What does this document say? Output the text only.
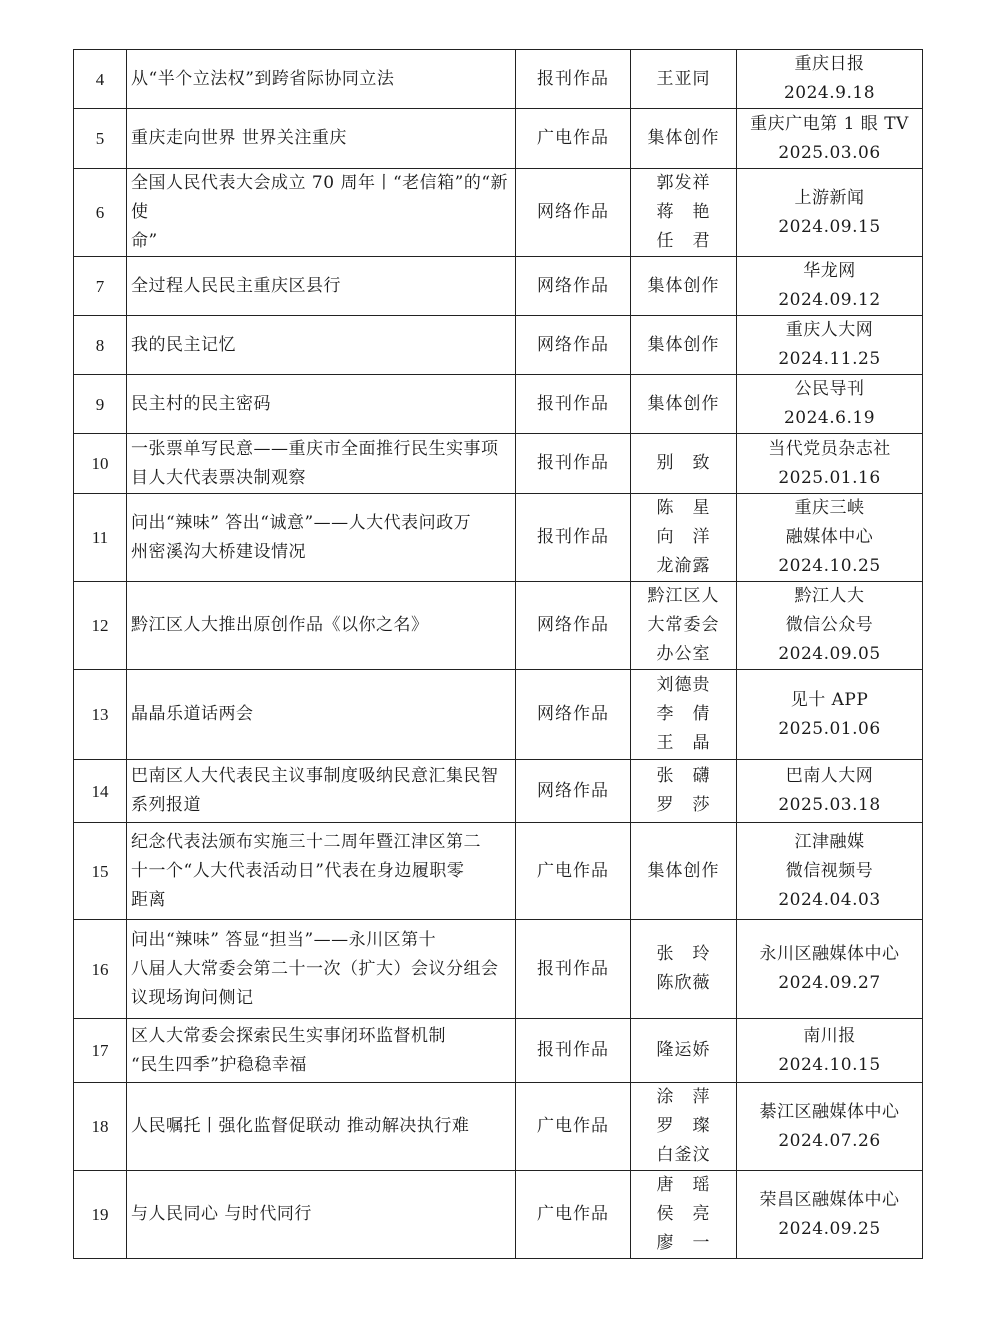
4	从“半个立法权”到跨省际协同立法	报刊作品	王亚同	重庆日报
2024.9.18

5	重庆走向世界 世界关注重庆	广电作品	集体创作	重庆广电第 1 眼 TV
2025.03.06

6	全国人民代表大会成立 70 周年丨“老信箱”的“新使
命”	网络作品	郭发祥
蒋　艳
任　君	上游新闻
2024.09.15

7	全过程人民民主重庆区县行	网络作品	集体创作	华龙网
2024.09.12

8	我的民主记忆	网络作品	集体创作	重庆人大网
2024.11.25

9	民主村的民主密码	报刊作品	集体创作	公民导刊
2024.6.19

10	一张票单写民意——重庆市全面推行民生实事项
目人大代表票决制观察	报刊作品	别　致	当代党员杂志社
2025.01.16

11	问出“辣味” 答出“诚意”——人大代表问政万
州密溪沟大桥建设情况	报刊作品	陈　星
向　洋
龙渝露	重庆三峡
融媒体中心
2024.10.25

12	黔江区人大推出原创作品《以你之名》	网络作品	黔江区人
大常委会
办公室	黔江人大
微信公众号
2024.09.05

13	晶晶乐道话两会	网络作品	刘德贵
李　倩
王　晶	见十 APP
2025.01.06

14	巴南区人大代表民主议事制度吸纳民意汇集民智
系列报道	网络作品	张　礴
罗　莎	巴南人大网
2025.03.18

15	纪念代表法颁布实施三十二周年暨江津区第二
十一个“人大代表活动日”代表在身边履职零
距离	广电作品	集体创作	江津融媒
微信视频号
2024.04.03

16	问出“辣味” 答显“担当”——永川区第十
八届人大常委会第二十一次（扩大）会议分组会
议现场询问侧记	报刊作品	张　玲
陈欣薇	永川区融媒体中心
2024.09.27

17	区人大常委会探索民生实事闭环监督机制
“民生四季”护稳稳幸福	报刊作品	隆运娇	南川报
2024.10.15

18	人民嘱托丨强化监督促联动 推动解决执行难	广电作品	涂　萍
罗　璨
白釜汶	綦江区融媒体中心
2024.07.26

19	与人民同心 与时代同行	广电作品	唐　瑶
侯　亮
廖　一	荣昌区融媒体中心
2024.09.25
